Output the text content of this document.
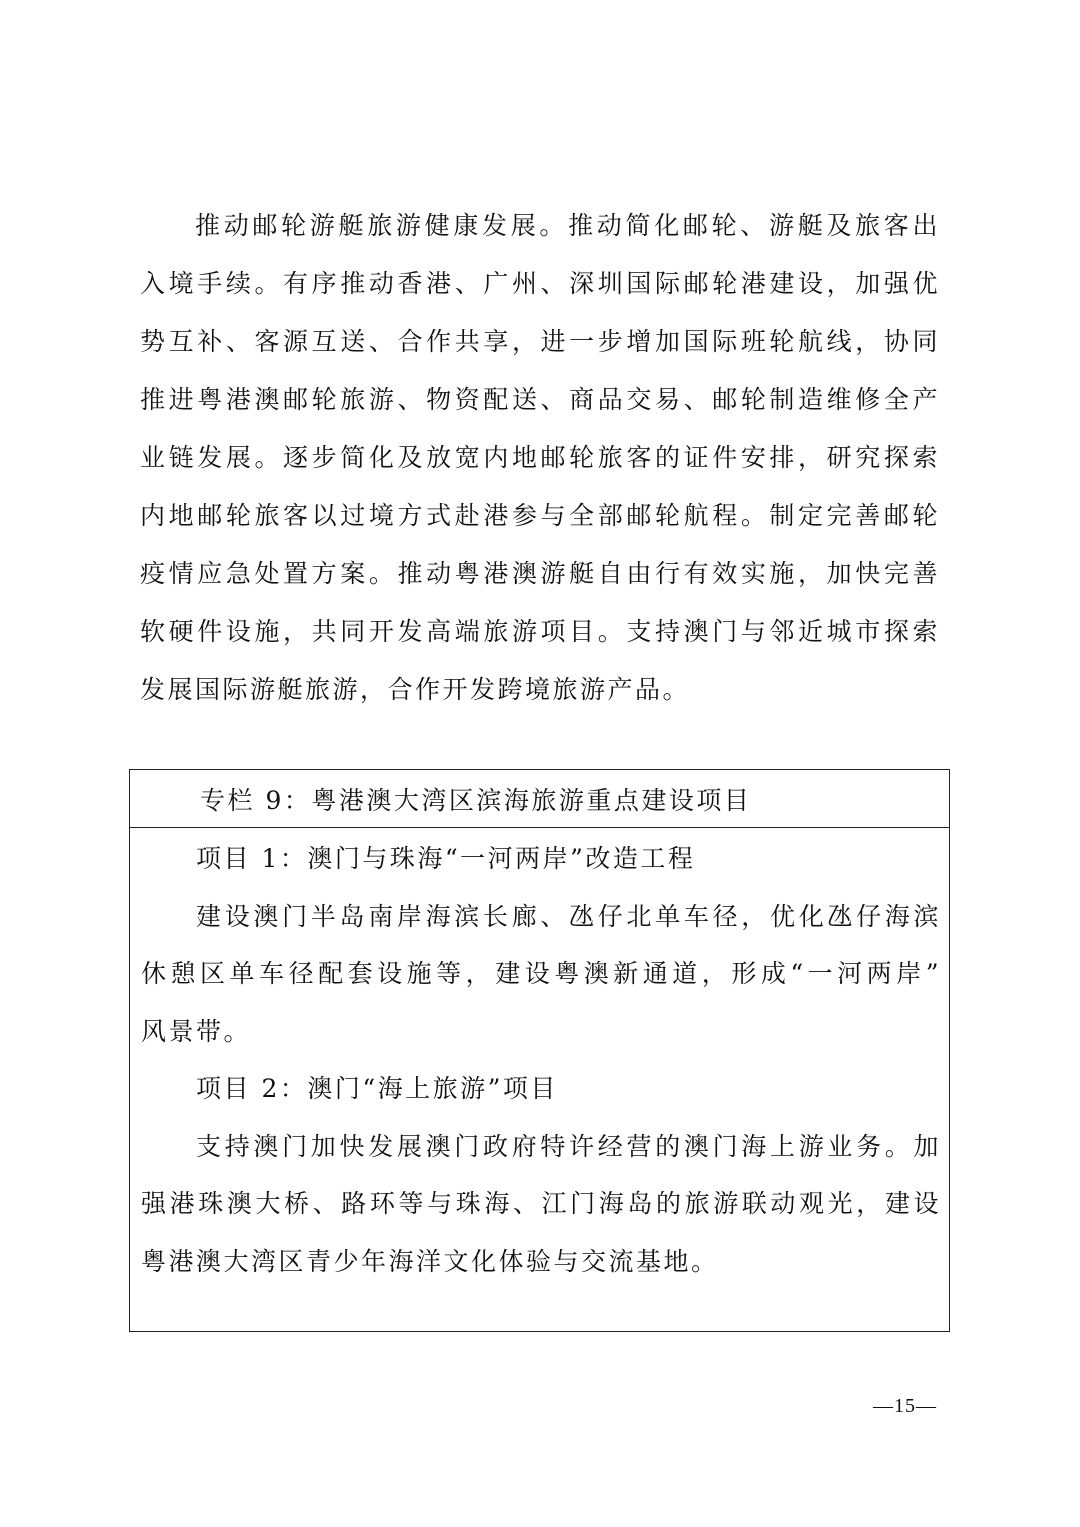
推动邮轮游艇旅游健康发展。推动简化邮轮、游艇及旅客出
入境手续。有序推动香港、广州、深圳国际邮轮港建设，加强优
势互补、客源互送、合作共享，进一步增加国际班轮航线，协同
推进粤港澳邮轮旅游、物资配送、商品交易、邮轮制造维修全产
业链发展。逐步简化及放宽内地邮轮旅客的证件安排，研究探索
内地邮轮旅客以过境方式赴港参与全部邮轮航程。制定完善邮轮
疫情应急处置方案。推动粤港澳游艇自由行有效实施，加快完善
软硬件设施，共同开发高端旅游项目。支持澳门与邻近城市探索
发展国际游艇旅游，合作开发跨境旅游产品。
专栏 9：粤港澳大湾区滨海旅游重点建设项目
项目 1：澳门与珠海“一河两岸”改造工程
建设澳门半岛南岸海滨长廊、氹仔北单车径，优化氹仔海滨
休憩区单车径配套设施等，建设粤澳新通道，形成“一河两岸”
风景带。
项目 2：澳门“海上旅游”项目
支持澳门加快发展澳门政府特许经营的澳门海上游业务。加
强港珠澳大桥、路环等与珠海、江门海岛的旅游联动观光，建设
粤港澳大湾区青少年海洋文化体验与交流基地。
—15—
